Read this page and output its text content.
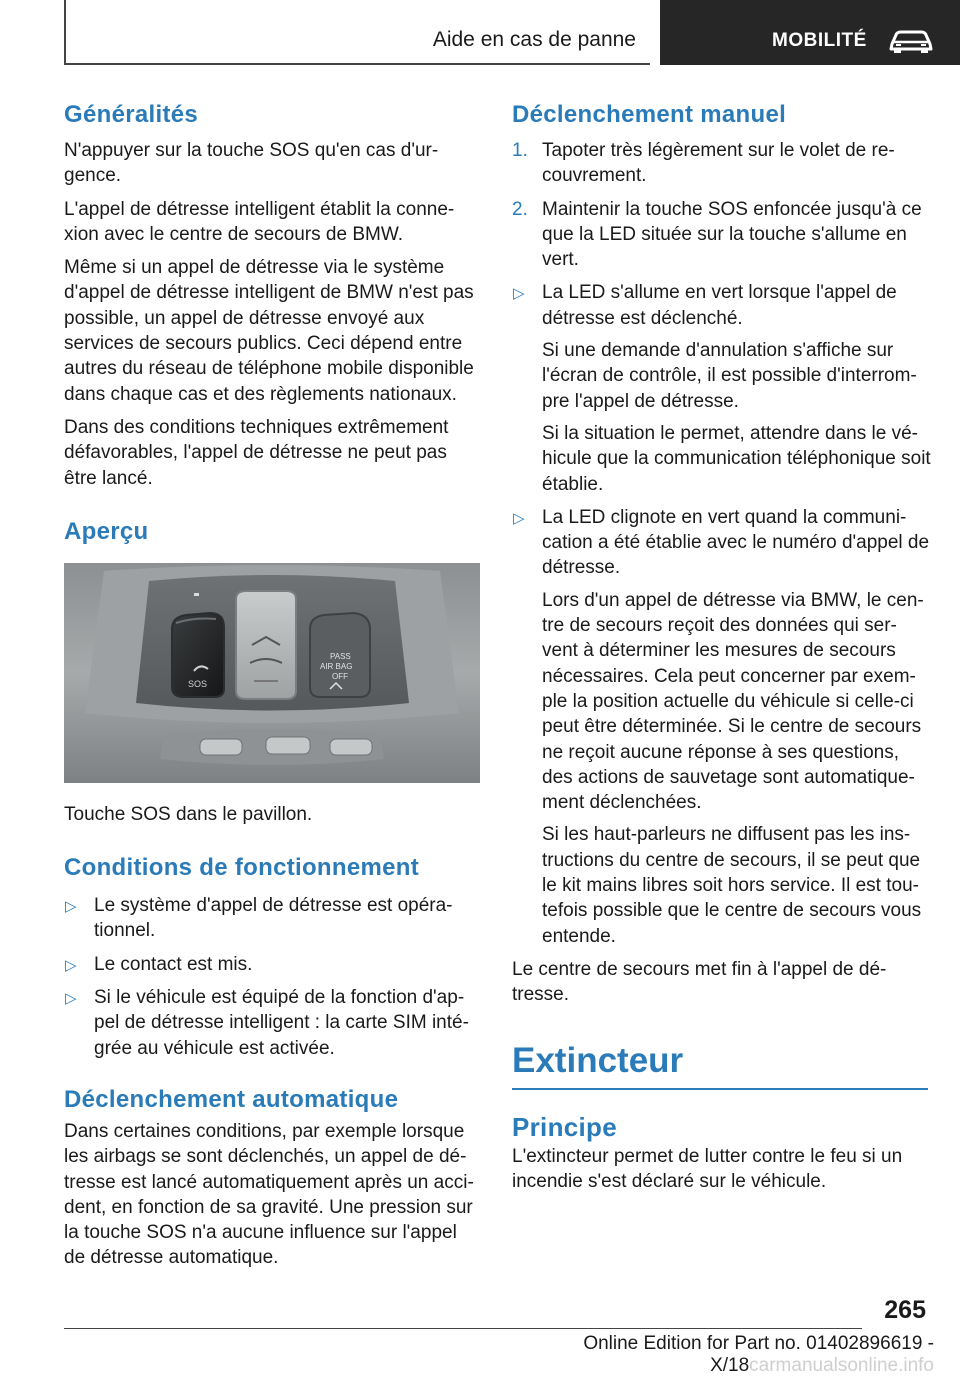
Aide en cas de panne	MOBILITÉ
Généralités

N'appuyer sur la touche SOS qu'en cas d'ur- gence.

L'appel de détresse intelligent établit la conne- xion avec le centre de secours de BMW.

Même si un appel de détresse via le système d'appel de détresse intelligent de BMW n'est pas possible, un appel de détresse envoyé aux services de secours publics. Ceci dépend entre autres du réseau de téléphone mobile disponible dans chaque cas et des règlements nationaux.

Dans des conditions techniques extrêmement défavorables, l'appel de détresse ne peut pas être lancé.

Aperçu
SOS
PASS
AIR BAG
OFF

Touche SOS dans le pavillon.

Conditions de fonctionnement
▷ Le système d'appel de détresse est opéra- tionnel.
▷ Le contact est mis.
▷ Si le véhicule est équipé de la fonction d'ap- pel de détresse intelligent : la carte SIM inté- grée au véhicule est activée.
Déclenchement automatique

Dans certaines conditions, par exemple lorsque les airbags se sont déclenchés, un appel de dé- tresse est lancé automatiquement après un acci- dent, en fonction de sa gravité. Une pression sur la touche SOS n'a aucune influence sur l'appel de détresse automatique.

Déclenchement manuel
1. Tapoter très légèrement sur le volet de re- couvrement.
2. Maintenir la touche SOS enfoncée jusqu'à ce que la LED située sur la touche s'allume en vert.
▷ La LED s'allume en vert lorsque l'appel de détresse est déclenché.

Si une demande d'annulation s'affiche sur l'écran de contrôle, il est possible d'interrom- pre l'appel de détresse.

Si la situation le permet, attendre dans le vé- hicule que la communication téléphonique soit établie.

▷ La LED clignote en vert quand la communi- cation a été établie avec le numéro d'appel de détresse.

Lors d'un appel de détresse via BMW, le cen- tre de secours reçoit des données qui ser- vent à déterminer les mesures de secours nécessaires. Cela peut concerner par exem- ple la position actuelle du véhicule si celle-ci peut être déterminée. Si le centre de secours ne reçoit aucune réponse à ses questions, des actions de sauvetage sont automatique- ment déclenchées.

Si les haut-parleurs ne diffusent pas les ins- tructions du centre de secours, il se peut que le kit mains libres soit hors service. Il est tou- tefois possible que le centre de secours vous entende.

Le centre de secours met fin à l'appel de dé- tresse.

Extincteur
Principe

L'extincteur permet de lutter contre le feu si un incendie s'est déclaré sur le véhicule.

265
Online Edition for Part no. 01402896619 - X/18carmanualsonline.info
